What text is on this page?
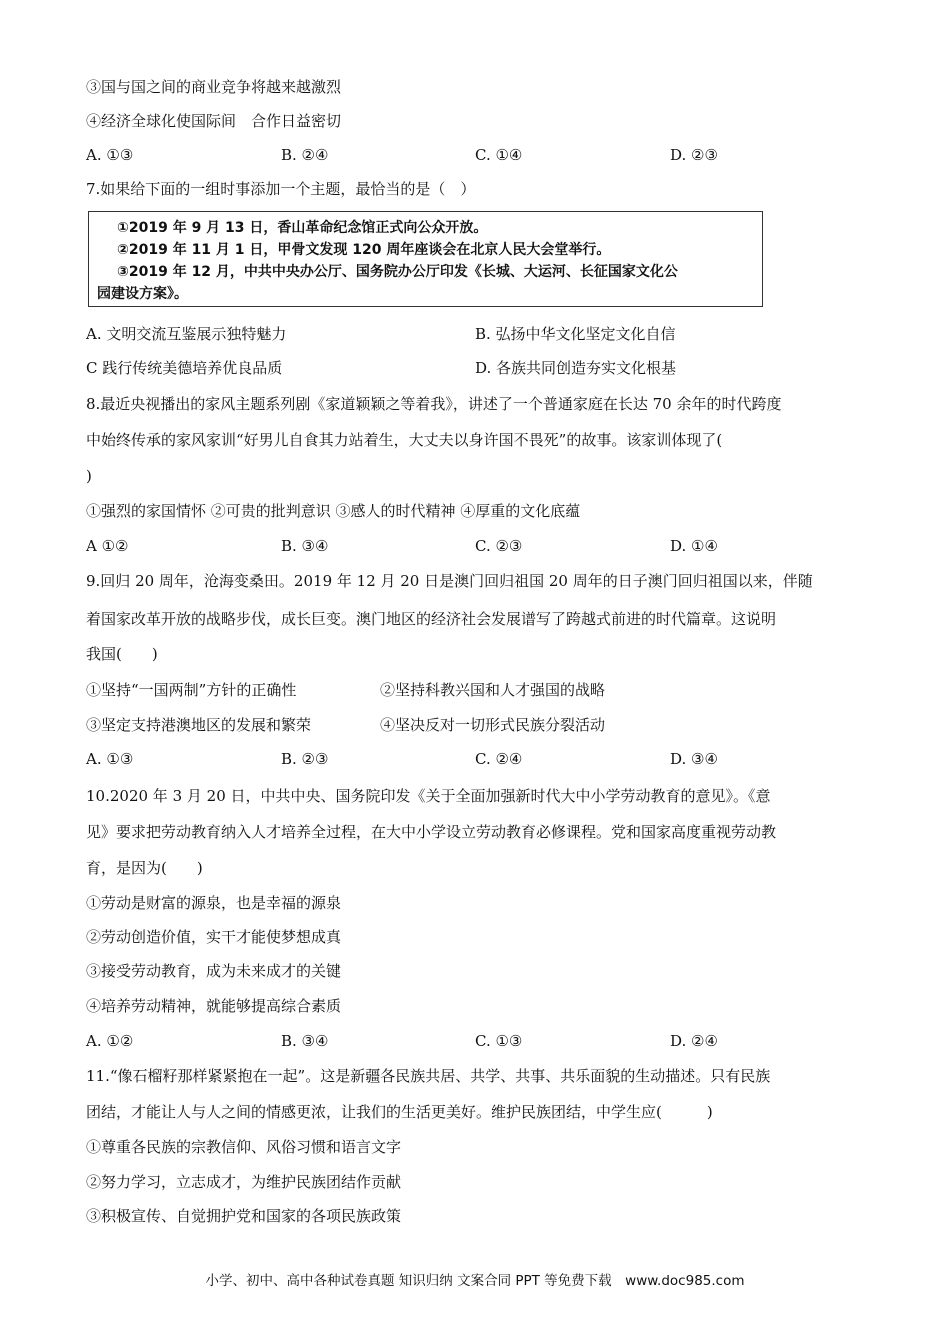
③国与国之间的商业竞争将越来越激烈
④经济全球化使国际间　合作日益密切
A. ①③	B. ②④	C. ①④	D. ②③
7.如果给下面的一组时事添加一个主题，最恰当的是（　）
①2019 年 9 月 13 日，香山革命纪念馆正式向公众开放。
②2019 年 11 月 1 日，甲骨文发现 120 周年座谈会在北京人民大会堂举行。
③2019 年 12 月，中共中央办公厅、国务院办公厅印发《长城、大运河、长征国家文化公
园建设方案》。
A. 文明交流互鉴展示独特魅力	B. 弘扬中华文化坚定文化自信
C 践行传统美德培养优良品质	D. 各族共同创造夯实文化根基
8.最近央视播出的家风主题系列剧《家道颖颖之等着我》，讲述了一个普通家庭在长达 70 余年的时代跨度
中始终传承的家风家训“好男儿自食其力站着生，大丈夫以身许国不畏死”的故事。该家训体现了(
)
①强烈的家国情怀 ②可贵的批判意识 ③感人的时代精神 ④厚重的文化底蕴
A ①②	B. ③④	C. ②③	D. ①④
9.回归 20 周年，沧海变桑田。2019 年 12 月 20 日是澳门回归祖国 20 周年的日子澳门回归祖国以来，伴随
着国家改革开放的战略步伐，成长巨变。澳门地区的经济社会发展谱写了跨越式前进的时代篇章。这说明
我国(　　)
①坚持“一国两制”方针的正确性	②坚持科教兴国和人才强国的战略
③坚定支持港澳地区的发展和繁荣	④坚决反对一切形式民族分裂活动
A. ①③	B. ②③	C. ②④	D. ③④
10.2020 年 3 月 20 日，中共中央、国务院印发《关于全面加强新时代大中小学劳动教育的意见》。《意
见》要求把劳动教育纳入人才培养全过程，在大中小学设立劳动教育必修课程。党和国家高度重视劳动教
育，是因为(　　)
①劳动是财富的源泉，也是幸福的源泉
②劳动创造价值，实干才能使梦想成真
③接受劳动教育，成为未来成才的关键
④培养劳动精神，就能够提高综合素质
A. ①②	B. ③④	C. ①③	D. ②④
11.“像石榴籽那样紧紧抱在一起”。这是新疆各民族共居、共学、共事、共乐面貌的生动描述。只有民族
团结，才能让人与人之间的情感更浓，让我们的生活更美好。维护民族团结，中学生应(　　　)
①尊重各民族的宗教信仰、风俗习惯和语言文字
②努力学习，立志成才，为维护民族团结作贡献
③积极宣传、自觉拥护党和国家的各项民族政策
小学、初中、高中各种试卷真题 知识归纳 文案合同 PPT 等免费下载　www.doc985.com
